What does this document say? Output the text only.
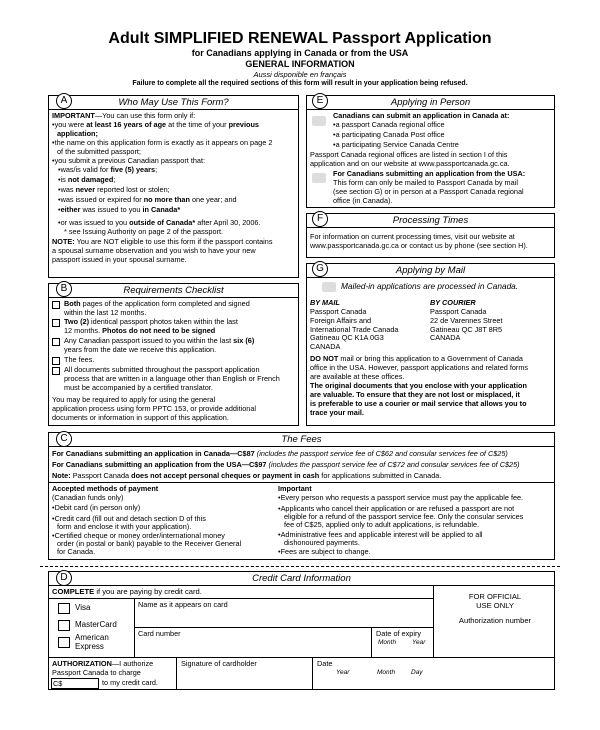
Adult SIMPLIFIED RENEWAL Passport Application
for Canadians applying in Canada or from the USA
GENERAL INFORMATION
Aussi disponible en français
Failure to complete all the required sections of this form will result in your application being refused.
Who May Use This Form?
A
IMPORTANT—You can use this form only if:
• you were at least 16 years of age at the time of your previous
application;
• the name on this application form is exactly as it appears on page 2
of the submitted passport;
• you submit a previous Canadian passport that:
• was/is valid for five (5) years;
• is not damaged;
• was never reported lost or stolen;
• was issued or expired for no more than one year; and
• either was issued to you in Canada*
• or was issued to you outside of Canada* after April 30, 2006.
* see Issuing Authority on page 2 of the passport.
NOTE: You are NOT eligible to use this form if the passport contains
a spousal surname observation and you wish to have your new
passport issued in your spousal surname.
Requirements Checklist
B
Both pages of the application form completed and signed
within the last 12 months.
Two (2) identical passport photos taken within the last
12 months. Photos do not need to be signed
Any Canadian passport issued to you within the last six (6)
years from the date we receive this application.
The fees.
All documents submitted throughout the passport application
process that are written in a language other than English or French
must be accompanied by a certified translator.
You may be required to apply for using the general
application process using form PPTC 153, or provide additional
documents or information in support of this application.
Applying in Person
E
Canadians can submit an application in Canada at:
• a passport Canada regional office
• a participating Canada Post office
• a participating Service Canada Centre
Passport Canada regional offices are listed in section I of this
application and on our website at www.passportcanada.gc.ca.
For Canadians submitting an application from the USA:
This form can only be mailed to Passport Canada by mail
(see section G) or in person at a Passport Canada regional
office (in Canada).
Processing Times
F
For information on current processing times, visit our website at
www.passportcanada.gc.ca or contact us by phone (see section H).
Applying by Mail
G
Mailed-in applications are processed in Canada.
BY MAIL
Passport Canada
Foreign Affairs and
International Trade Canada
Gatineau QC K1A 0G3
CANADA
BY COURIER
Passport Canada
22 de Varennes Street
Gatineau QC J8T 8R5
CANADA
DO NOT mail or bring this application to a Government of Canada
office in the USA. However, passport applications and related forms
are available at these offices.
The original documents that you enclose with your application
are valuable. To ensure that they are not lost or misplaced, it
is preferable to use a courier or mail service that allows you to
trace your mail.
The Fees
C
For Canadians submitting an application in Canada—C$87 (includes the passport service fee of C$62 and consular services fee of C$25)
For Canadians submitting an application from the USA—C$97 (includes the passport service fee of C$72 and consular services fee of C$25)
Note: Passport Canada does not accept personal cheques or payment in cash for applications submitted in Canada.
Accepted methods of payment
(Canadian funds only)
• Debit card (in person only)
• Credit card (fill out and detach section D of this
form and enclose it with your application).
• Certified cheque or money order/international money
order (in postal or bank) payable to the Receiver General
for Canada.
Important
• Every person who requests a passport service must pay the applicable fee.
• Applicants who cancel their application or are refused a passport are not
eligible for a refund of the passport service fee. Only the consular services
fee of C$25, applied only to adult applications, is refundable.
• Administrative fees and applicable interest will be applied to all
dishonoured payments.
• Fees are subject to change.
Credit Card Information
D
COMPLETE if you are paying by credit card.
Visa
MasterCard
American Express
Name as it appears on card
Card number	Date of expiry
Month Year
FOR OFFICIAL
USE ONLY
Authorization number
AUTHORIZATION—I authorize
Passport Canada to charge
C$	to my credit card.
Signature of cardholder	Date
Year	Month Day
